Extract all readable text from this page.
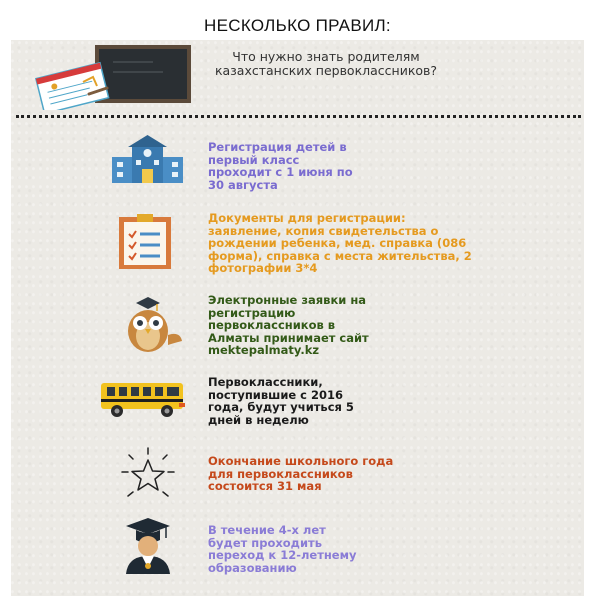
НЕСКОЛЬКО ПРАВИЛ:
Что нужно знать родителям казахстанских первоклассников?
Регистрация детей в
первый класс
проходит с 1 июня по
30 августа
Документы для регистрации:
заявление, копия свидетельства о
рождении ребенка, мед. справка (086
форма), справка с места жительства, 2
фотографии 3*4
Электронные заявки на
регистрацию
первоклассников в
Алматы принимает сайт
mektepalmaty.kz
Первоклассники,
поступившие с 2016
года, будут учиться 5
дней в неделю
Окончание школьного года
для первоклассников
состоится 31 мая
В течение 4-х лет
будет проходить
переход к 12-летнему
образованию
